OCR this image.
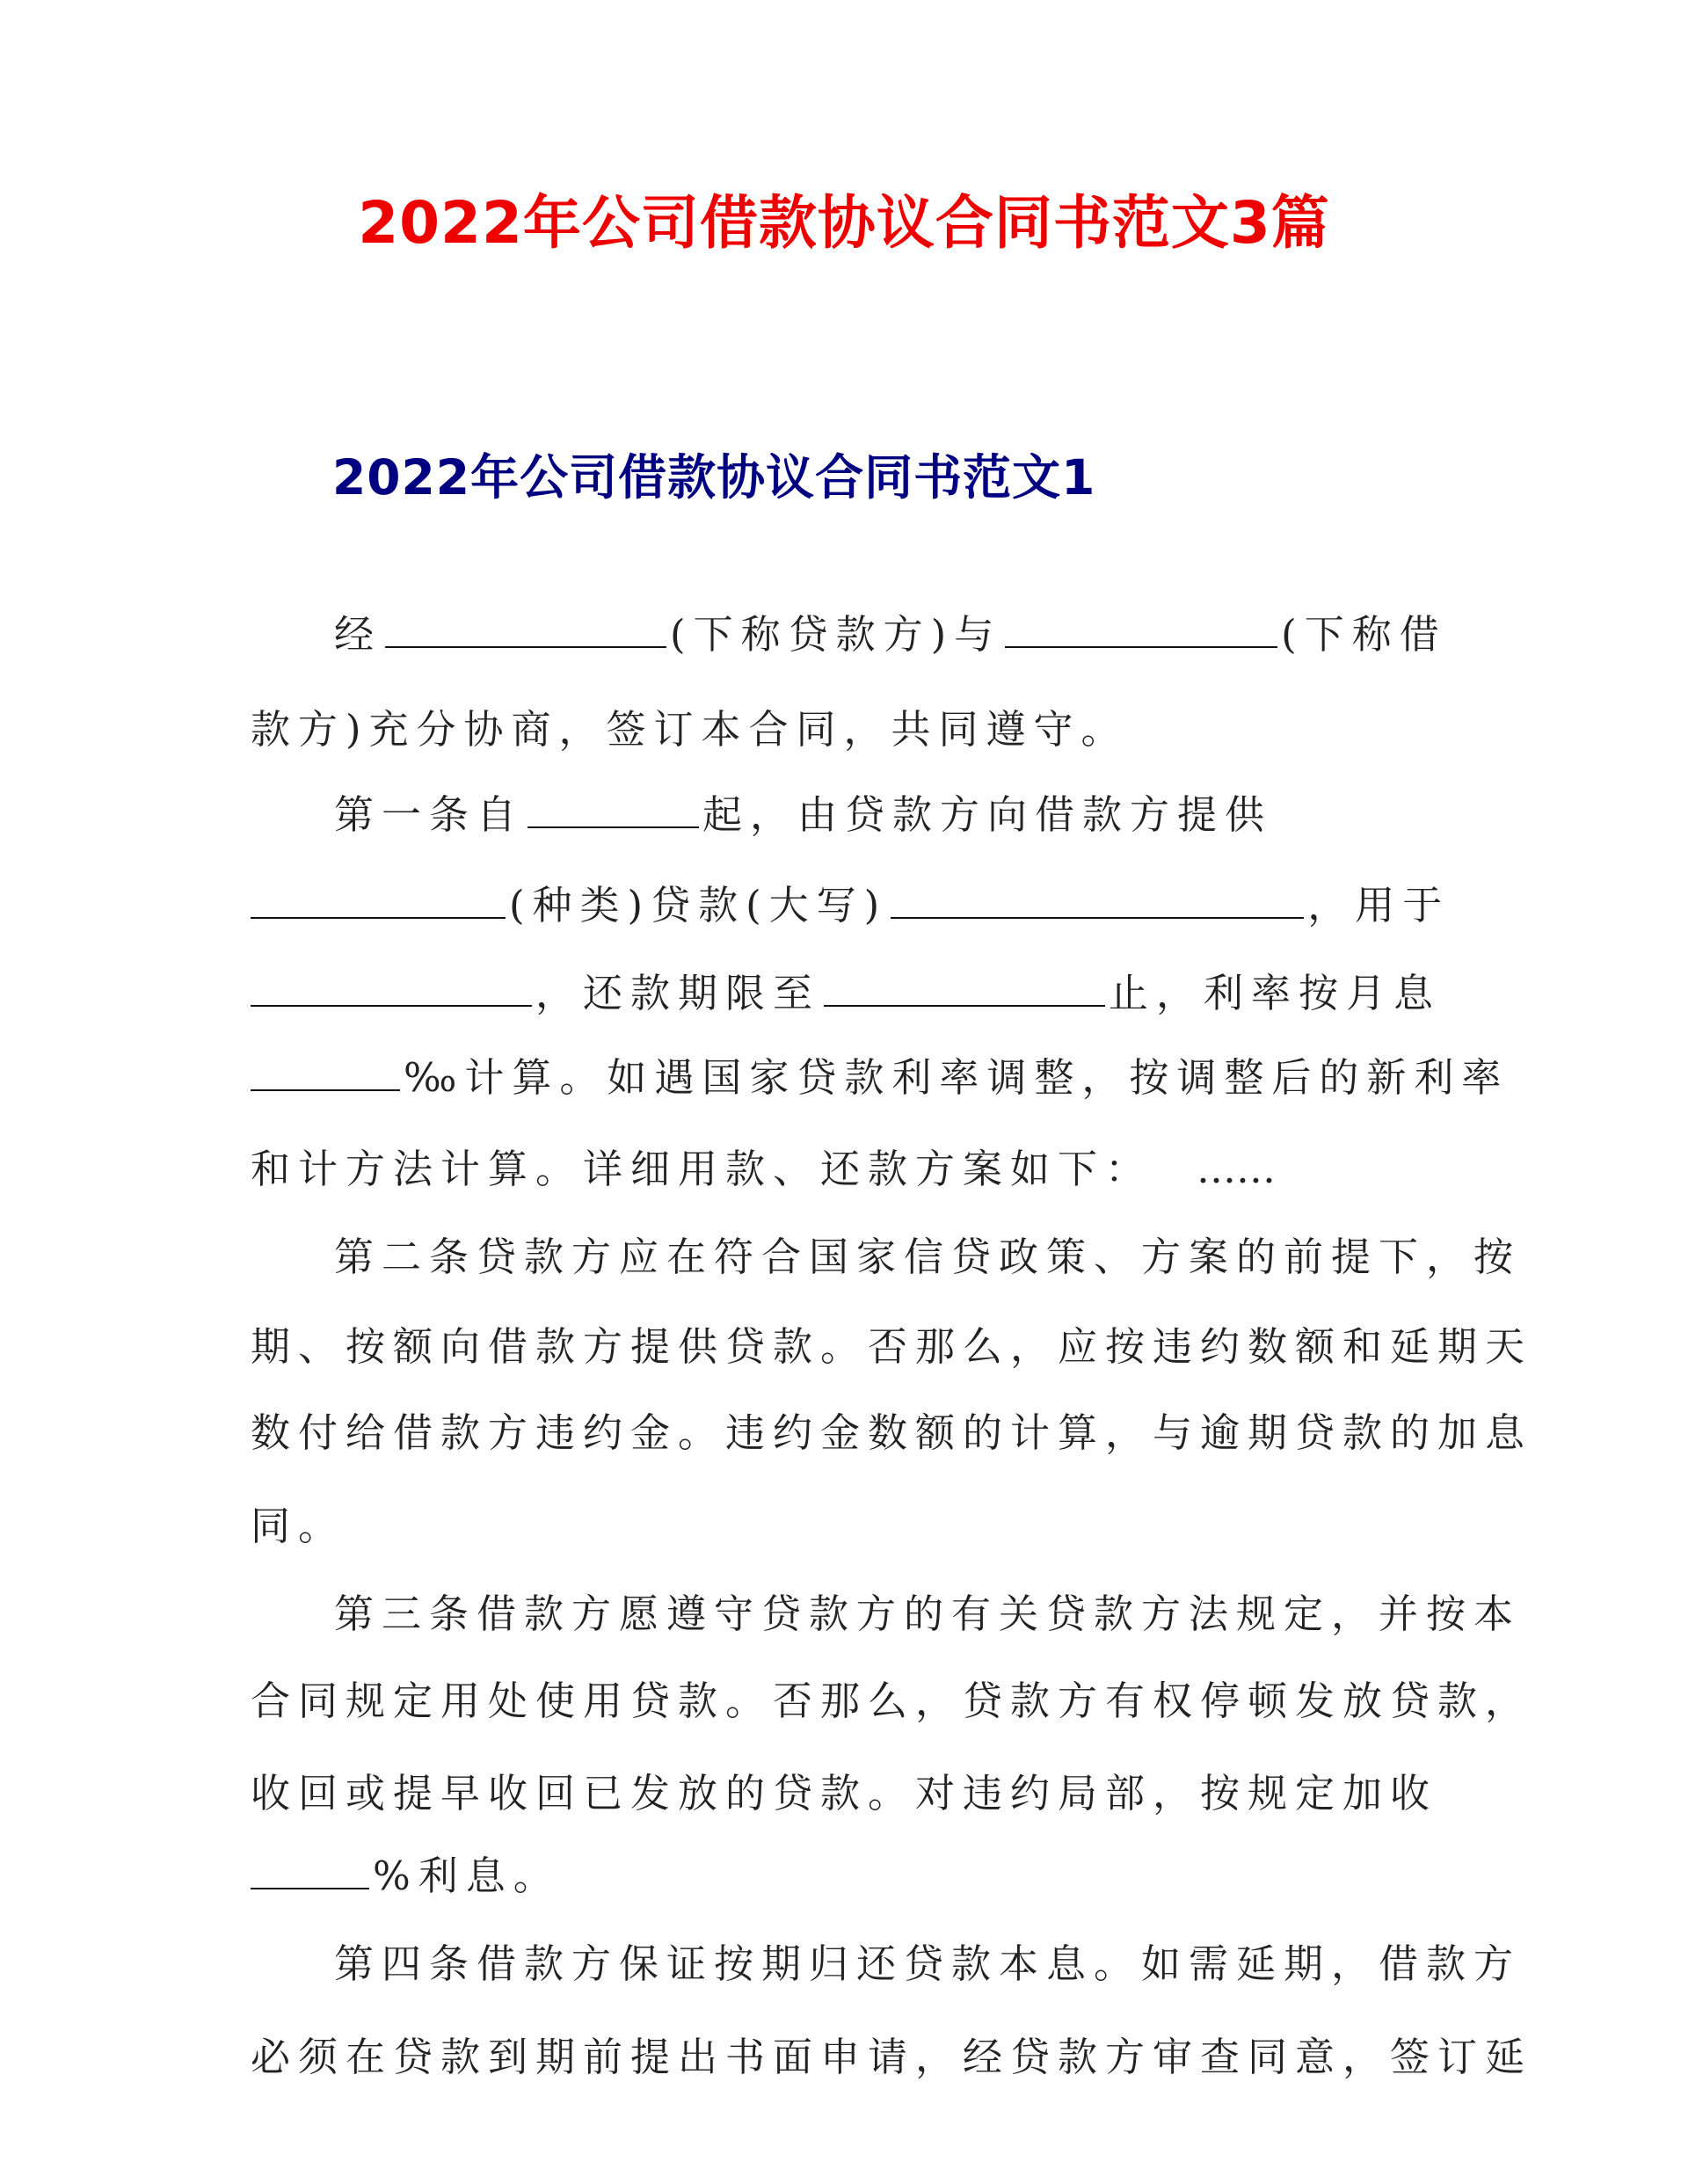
2022年公司借款协议合同书范文3篇
2022年公司借款协议合同书范文1
经	(下称贷款方)与	(下称借
款方)充分协商，签订本合同，共同遵守。
第一条自	起，由贷款方向借款方提供
(种类)贷款(大写)	，用于
，还款期限至	止，利率按月息
‰计算。如遇国家贷款利率调整，按调整后的新利率
和计方法计算。详细用款、还款方案如下： ……
第二条贷款方应在符合国家信贷政策、方案的前提下，按
期、按额向借款方提供贷款。否那么，应按违约数额和延期天
数付给借款方违约金。违约金数额的计算，与逾期贷款的加息
同。
第三条借款方愿遵守贷款方的有关贷款方法规定，并按本
合同规定用处使用贷款。否那么，贷款方有权停顿发放贷款，
收回或提早收回已发放的贷款。对违约局部，按规定加收
%利息。
第四条借款方保证按期归还贷款本息。如需延期，借款方
必须在贷款到期前提出书面申请，经贷款方审查同意，签订延
